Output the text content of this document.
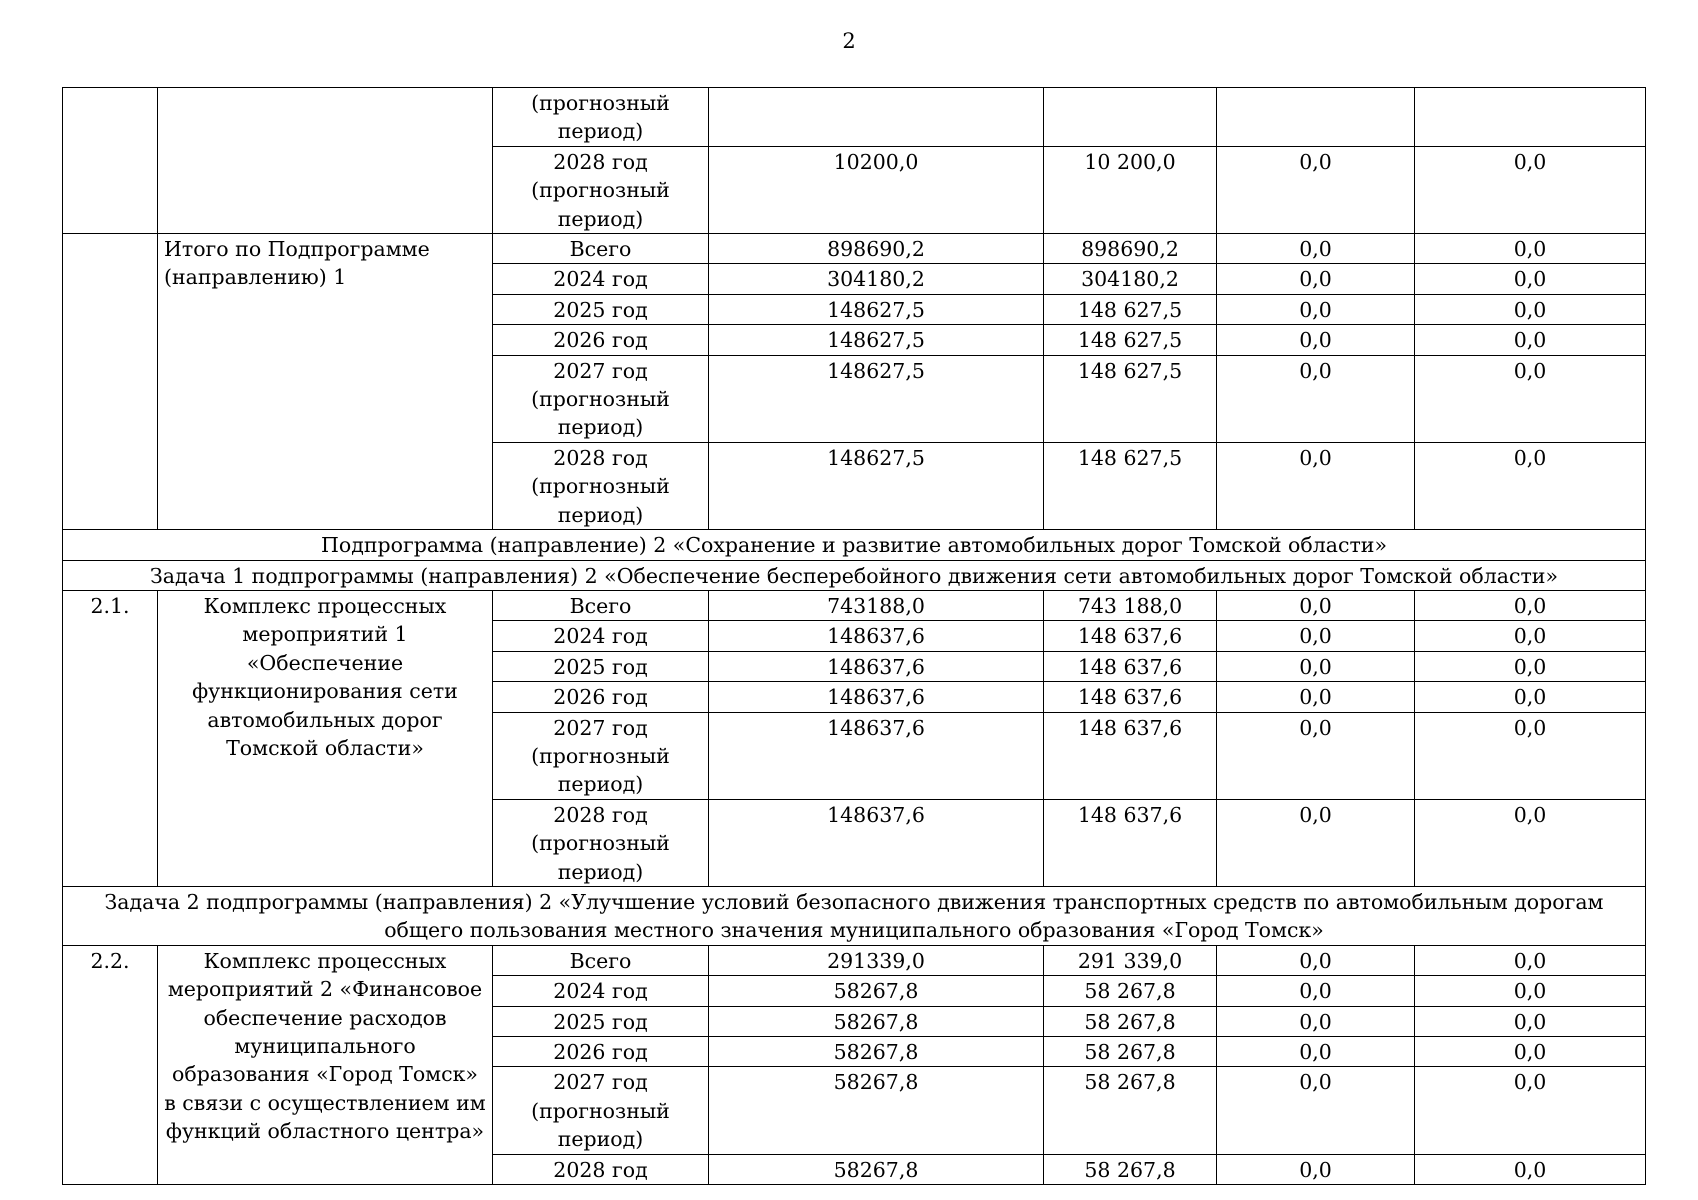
2
		(прогнозный период)				
		2028 год (прогнозный период)	10200,0	10 200,0	0,0	0,0
	Итого по Подпрограмме (направлению) 1	Всего	898690,2	898690,2	0,0	0,0
		2024 год	304180,2	304180,2	0,0	0,0
		2025 год	148627,5	148 627,5	0,0	0,0
		2026 год	148627,5	148 627,5	0,0	0,0
		2027 год (прогнозный период)	148627,5	148 627,5	0,0	0,0
		2028 год (прогнозный период)	148627,5	148 627,5	0,0	0,0
Подпрограмма (направление) 2 «Сохранение и развитие автомобильных дорог Томской области»						
Задача 1 подпрограммы (направления) 2 «Обеспечение бесперебойного движения сети автомобильных дорог Томской области»						
2.1.	Комплекс процессных мероприятий 1 «Обеспечение функционирования сети автомобильных дорог Томской области»	Всего	743188,0	743 188,0	0,0	0,0
		2024 год	148637,6	148 637,6	0,0	0,0
		2025 год	148637,6	148 637,6	0,0	0,0
		2026 год	148637,6	148 637,6	0,0	0,0
		2027 год (прогнозный период)	148637,6	148 637,6	0,0	0,0
		2028 год (прогнозный период)	148637,6	148 637,6	0,0	0,0
Задача 2 подпрограммы (направления) 2 «Улучшение условий безопасного движения транспортных средств по автомобильным дорогам общего пользования местного значения муниципального образования «Город Томск»						
2.2.	Комплекс процессных мероприятий 2 «Финансовое обеспечение расходов муниципального образования «Город Томск» в связи с осуществлением им функций областного центра»	Всего	291339,0	291 339,0	0,0	0,0
		2024 год	58267,8	58 267,8	0,0	0,0
		2025 год	58267,8	58 267,8	0,0	0,0
		2026 год	58267,8	58 267,8	0,0	0,0
		2027 год (прогнозный период)	58267,8	58 267,8	0,0	0,0
		2028 год	58267,8	58 267,8	0,0	0,0
